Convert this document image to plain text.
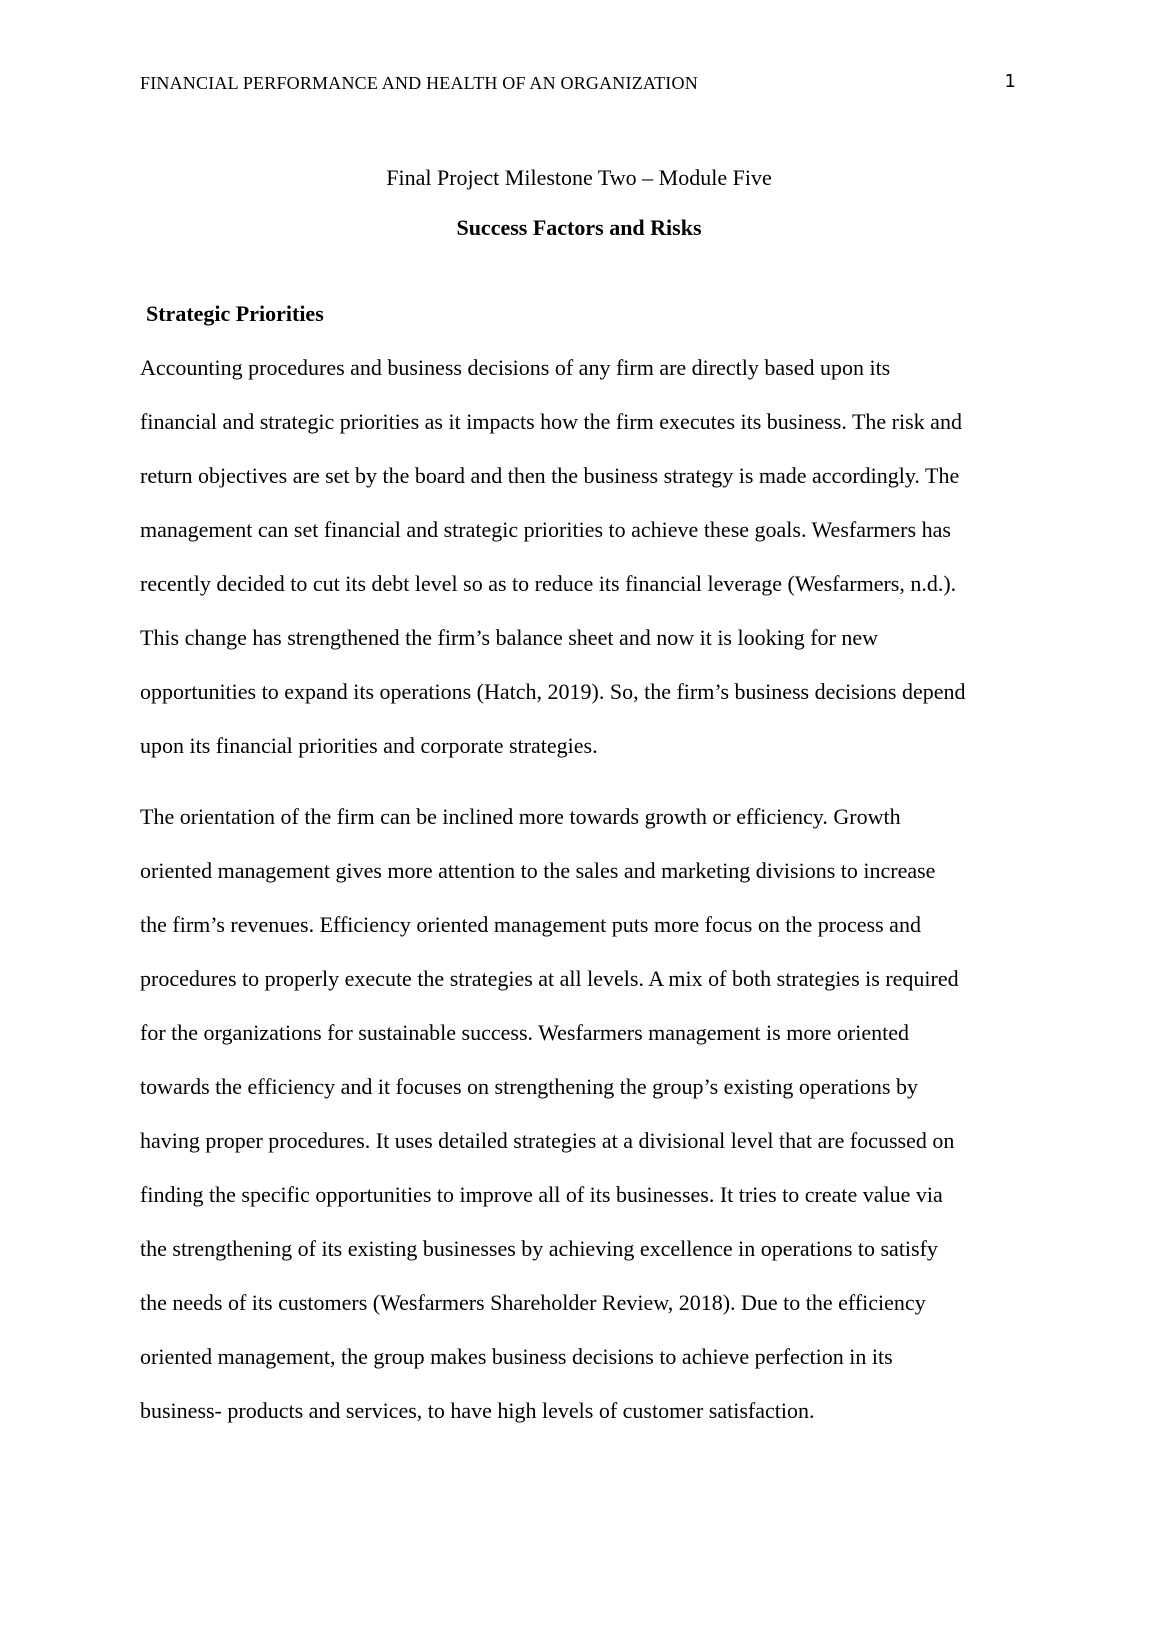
FINANCIAL PERFORMANCE AND HEALTH OF AN ORGANIZATION	1
Final Project Milestone Two – Module Five
Success Factors and Risks
Strategic Priorities

Accounting procedures and business decisions of any firm are directly based upon its
financial and strategic priorities as it impacts how the firm executes its business. The risk and
return objectives are set by the board and then the business strategy is made accordingly. The
management can set financial and strategic priorities to achieve these goals. Wesfarmers has
recently decided to cut its debt level so as to reduce its financial leverage (Wesfarmers, n.d.).
This change has strengthened the firm’s balance sheet and now it is looking for new
opportunities to expand its operations (Hatch, 2019). So, the firm’s business decisions depend
upon its financial priorities and corporate strategies.

The orientation of the firm can be inclined more towards growth or efficiency. Growth
oriented management gives more attention to the sales and marketing divisions to increase
the firm’s revenues. Efficiency oriented management puts more focus on the process and
procedures to properly execute the strategies at all levels. A mix of both strategies is required
for the organizations for sustainable success. Wesfarmers management is more oriented
towards the efficiency and it focuses on strengthening the group’s existing operations by
having proper procedures. It uses detailed strategies at a divisional level that are focussed on
finding the specific opportunities to improve all of its businesses. It tries to create value via
the strengthening of its existing businesses by achieving excellence in operations to satisfy
the needs of its customers (Wesfarmers Shareholder Review, 2018). Due to the efficiency
oriented management, the group makes business decisions to achieve perfection in its
business- products and services, to have high levels of customer satisfaction.
